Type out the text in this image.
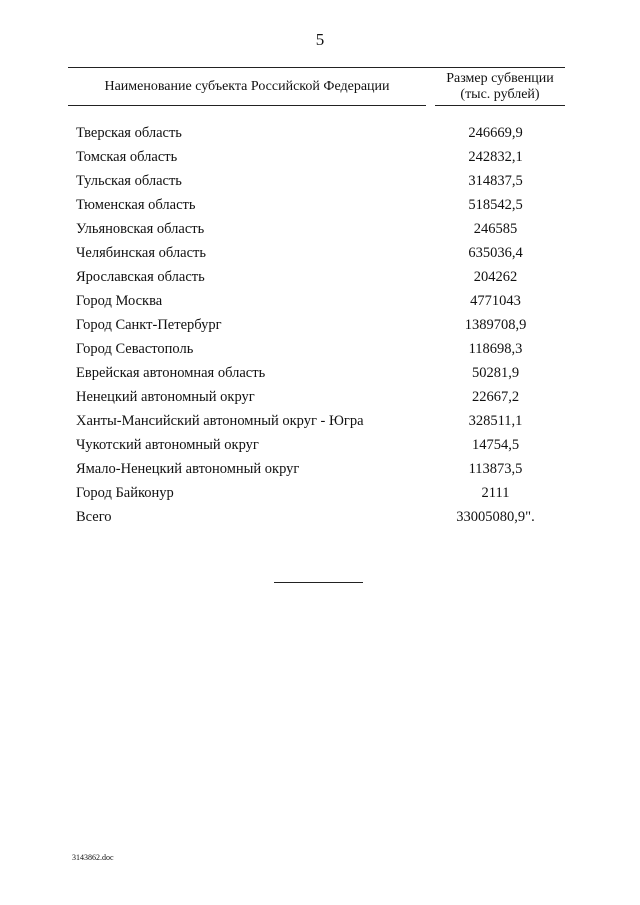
5
Наименование субъекта Российской Федерации	Размер субвенции
(тыс. рублей)
Тверская область	246669,9
Томская область	242832,1
Тульская область	314837,5
Тюменская область	518542,5
Ульяновская область	246585
Челябинская область	635036,4
Ярославская область	204262
Город Москва	4771043
Город Санкт-Петербург	1389708,9
Город Севастополь	118698,3
Еврейская автономная область	50281,9
Ненецкий автономный округ	22667,2
Ханты-Мансийский автономный округ - Югра	328511,1
Чукотский автономный округ	14754,5
Ямало-Ненецкий автономный округ	113873,5
Город Байконур	2111
Всего	33005080,9".
3143862.doc
